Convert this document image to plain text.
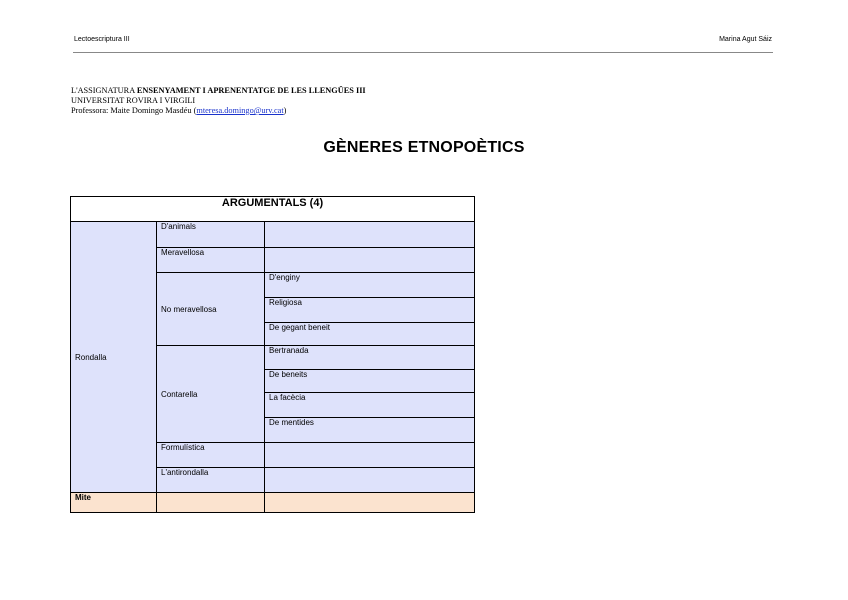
Lectoescriptura III	Marina Agut Sáiz
L'ASSIGNATURA ENSENYAMENT I APRENENTATGE DE LES LLENGÜES III
UNIVERSITAT ROVIRA I VIRGILI
Professora: Maite Domingo Masdéu (mteresa.domingo@urv.cat)
GÈNERES ETNOPOÈTICS
ARGUMENTALS (4)		
Rondalla	D'animals	
	Meravellosa	
	No meravellosa	D'enginy
		Religiosa
		De gegant beneit
	Contarella	Bertranada
		De beneits
		La facècia
		De mentides
	Formulística	
	L'antirondalla	
Mite		
